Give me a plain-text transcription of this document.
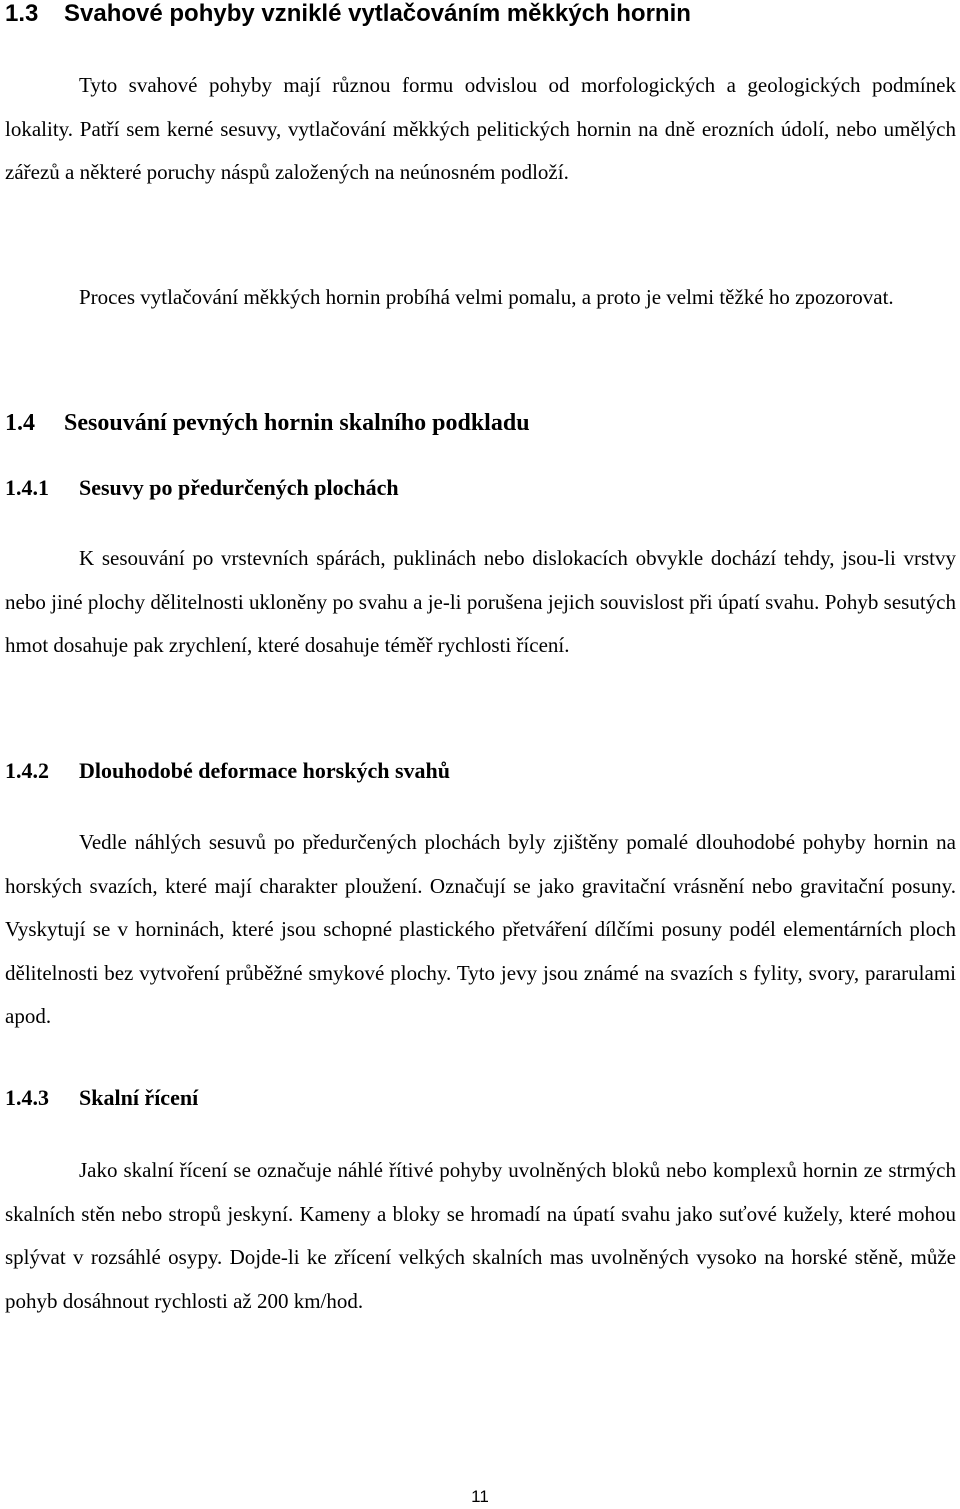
1.3 Svahové pohyby vzniklé vytlačováním měkkých hornin

Tyto svahové pohyby mají různou formu odvislou od morfologických a geologických podmínek lokality. Patří sem kerné sesuvy, vytlačování měkkých pelitických hornin na dně erozních údolí, nebo umělých zářezů a některé poruchy náspů založených na neúnosném podloží.

Proces vytlačování měkkých hornin probíhá velmi pomalu, a proto je velmi těžké ho zpozorovat.

1.4 Sesouvání pevných hornin skalního podkladu
1.4.1 Sesuvy po předurčených plochách

K sesouvání po vrstevních spárách, puklinách nebo dislokacích obvykle dochází tehdy, jsou-li vrstvy nebo jiné plochy dělitelnosti ukloněny po svahu a je-li porušena jejich souvislost při úpatí svahu. Pohyb sesutých hmot dosahuje pak zrychlení, které dosahuje téměř rychlosti řícení.

1.4.2 Dlouhodobé deformace horských svahů

Vedle náhlých sesuvů po předurčených plochách byly zjištěny pomalé dlouhodobé pohyby hornin na horských svazích, které mají charakter ploužení. Označují se jako gravitační vrásnění nebo gravitační posuny. Vyskytují se v horninách, které jsou schopné plastického přetváření dílčími posuny podél elementárních ploch dělitelnosti bez vytvoření průběžné smykové plochy. Tyto jevy jsou známé na svazích s fylity, svory, pararulami apod.

1.4.3 Skalní řícení

Jako skalní řícení se označuje náhlé řítivé pohyby uvolněných bloků nebo komplexů hornin ze strmých skalních stěn nebo stropů jeskyní. Kameny a bloky se hromadí na úpatí svahu jako suťové kužely, které mohou splývat v rozsáhlé osypy. Dojde-li ke zřícení velkých skalních mas uvolněných vysoko na horské stěně, může pohyb dosáhnout rychlosti až 200 km/hod.

11
